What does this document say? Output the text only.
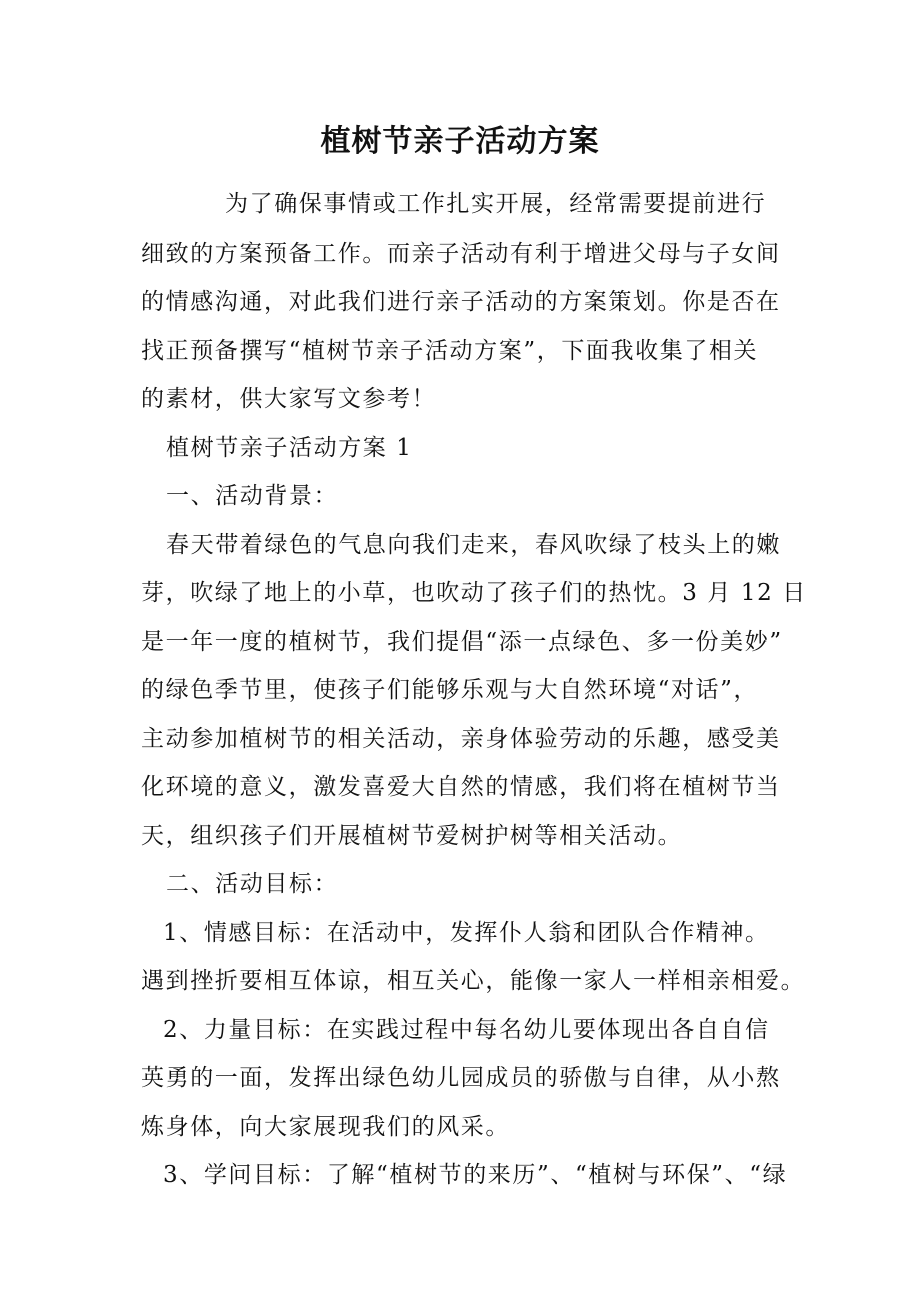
植树节亲子活动方案

为了确保事情或工作扎实开展，经常需要提前进行

细致的方案预备工作。而亲子活动有利于增进父母与子女间

的情感沟通，对此我们进行亲子活动的方案策划。你是否在

找正预备撰写“植树节亲子活动方案”，下面我收集了相关

的素材，供大家写文参考！

植树节亲子活动方案 1

一、活动背景：

春天带着绿色的气息向我们走来，春风吹绿了枝头上的嫩

芽，吹绿了地上的小草，也吹动了孩子们的热忱。3 月 12 日

是一年一度的植树节，我们提倡“添一点绿色、多一份美妙”

的绿色季节里，使孩子们能够乐观与大自然环境“对话”，

主动参加植树节的相关活动，亲身体验劳动的乐趣，感受美

化环境的意义，激发喜爱大自然的情感，我们将在植树节当

天，组织孩子们开展植树节爱树护树等相关活动。

二、活动目标：

1、情感目标：在活动中，发挥仆人翁和团队合作精神。

遇到挫折要相互体谅，相互关心，能像一家人一样相亲相爱。

2、力量目标：在实践过程中每名幼儿要体现出各自自信

英勇的一面，发挥出绿色幼儿园成员的骄傲与自律，从小熬

炼身体，向大家展现我们的风采。

3、学问目标：了解“植树节的来历”、“植树与环保”、“绿
